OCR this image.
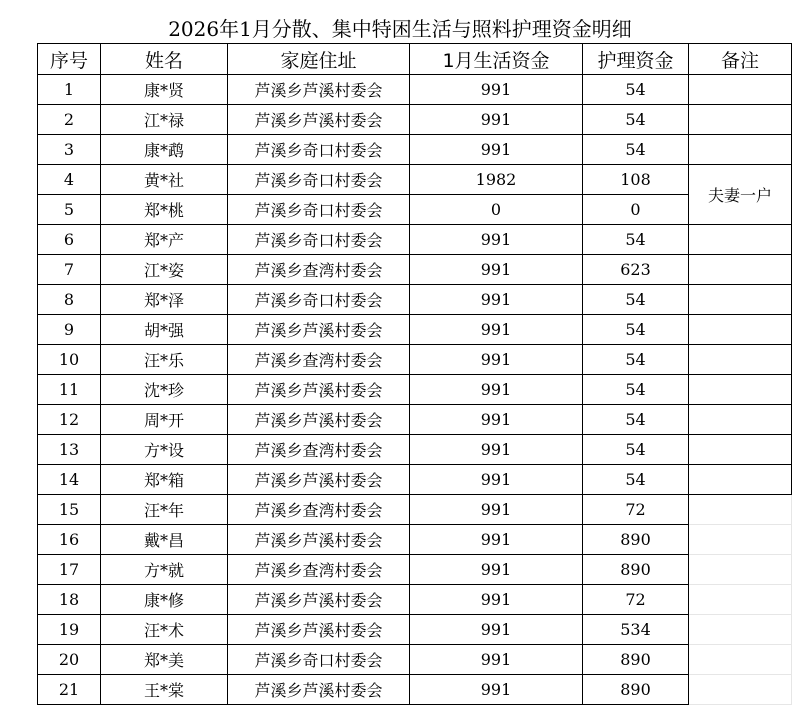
2026年1月分散、集中特困生活与照料护理资金明细
序号	姓名	家庭住址	1月生活资金	护理资金	备注
1	康*贤	芦溪乡芦溪村委会	991	54	
2	江*禄	芦溪乡芦溪村委会	991	54	
3	康*鹉	芦溪乡奇口村委会	991	54	
4	黄*社	芦溪乡奇口村委会	1982	108	夫妻一户
5	郑*桃	芦溪乡奇口村委会	0	0	
6	郑*产	芦溪乡奇口村委会	991	54	
7	江*姿	芦溪乡查湾村委会	991	623	
8	郑*泽	芦溪乡奇口村委会	991	54	
9	胡*强	芦溪乡芦溪村委会	991	54	
10	汪*乐	芦溪乡查湾村委会	991	54	
11	沈*珍	芦溪乡芦溪村委会	991	54	
12	周*开	芦溪乡芦溪村委会	991	54	
13	方*设	芦溪乡查湾村委会	991	54	
14	郑*箱	芦溪乡芦溪村委会	991	54	
15	汪*年	芦溪乡查湾村委会	991	72	
16	戴*昌	芦溪乡芦溪村委会	991	890	
17	方*就	芦溪乡查湾村委会	991	890	
18	康*修	芦溪乡芦溪村委会	991	72	
19	汪*术	芦溪乡芦溪村委会	991	534	
20	郑*美	芦溪乡奇口村委会	991	890	
21	王*棠	芦溪乡芦溪村委会	991	890	
